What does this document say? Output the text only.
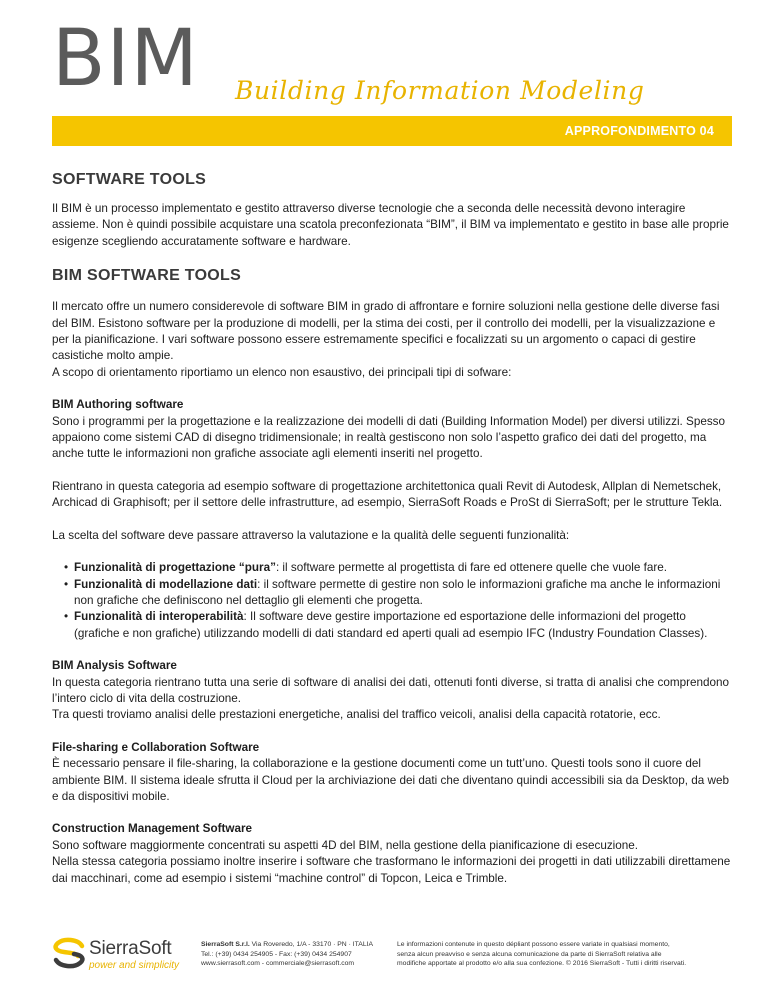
BIM Building Information Modeling
APPROFONDIMENTO 04
SOFTWARE TOOLS

Il BIM è un processo implementato e gestito attraverso diverse tecnologie che a seconda delle necessità devono interagire assieme. Non è quindi possibile acquistare una scatola preconfezionata “BIM”, il BIM va implementato e gestito in base alle proprie esigenze scegliendo accuratamente software e hardware.

BIM SOFTWARE TOOLS

Il mercato offre un numero considerevole di software BIM in grado di affrontare e fornire soluzioni nella gestione delle diverse fasi del BIM. Esistono software per la produzione di modelli, per la stima dei costi, per il controllo dei modelli, per la visualizzazione e per la pianificazione. I vari software possono essere estremamente specifici e focalizzati su un argomento o capaci di gestire casistiche molto ampie.
A scopo di orientamento riportiamo un elenco non esaustivo, dei principali tipi di sofware:

BIM Authoring software
Sono i programmi per la progettazione e la realizzazione dei modelli di dati (Building Information Model) per diversi utilizzi. Spesso appaiono come sistemi CAD di disegno tridimensionale; in realtà gestiscono non solo l’aspetto grafico dei dati del progetto, ma anche tutte le informazioni non grafiche associate agli elementi inseriti nel progetto.

Rientrano in questa categoria ad esempio software di progettazione architettonica quali Revit di Autodesk, Allplan di Nemetschek, Archicad di Graphisoft; per il settore delle infrastrutture, ad esempio, SierraSoft Roads e ProSt di SierraSoft; per le strutture Tekla.

La scelta del software deve passare attraverso la valutazione e la qualità delle seguenti funzionalità:

• Funzionalità di progettazione “pura”: il software permette al progettista di fare ed ottenere quelle che vuole fare.
• Funzionalità di modellazione dati: il software permette di gestire non solo le informazioni grafiche ma anche le informazioni non grafiche che definiscono nel dettaglio gli elementi che progetta.
• Funzionalità di interoperabilità: Il software deve gestire importazione ed esportazione delle informazioni del progetto (grafiche e non grafiche) utilizzando modelli di dati standard ed aperti quali ad esempio IFC (Industry Foundation Classes).

BIM Analysis Software
In questa categoria rientrano tutta una serie di software di analisi dei dati, ottenuti fonti diverse, si tratta di analisi che comprendono l’intero ciclo di vita della costruzione.
Tra questi troviamo analisi delle prestazioni energetiche, analisi del traffico veicoli, analisi della capacità rotatorie, ecc.

File-sharing e Collaboration Software
È necessario pensare il file-sharing, la collaborazione e la gestione documenti come un tutt’uno. Questi tools sono il cuore del ambiente BIM. Il sistema ideale sfrutta il Cloud per la archiviazione dei dati che diventano quindi accessibili sia da Desktop, da web e da dispositivi mobile.

Construction Management Software
Sono software maggiormente concentrati su aspetti 4D del BIM, nella gestione della pianificazione di esecuzione.
Nella stessa categoria possiamo inoltre inserire i software che trasformano le informazioni dei progetti in dati utilizzabili direttamene dai macchinari, come ad esempio i sistemi “machine control” di Topcon, Leica e Trimble.

SierraSoft
power and simplicity
SierraSoft S.r.l. Via Roveredo, 1/A - 33170 · PN · ITALIA
Tel.: (+39) 0434 254905 - Fax: (+39) 0434 254907
www.sierrasoft.com - commerciale@sierrasoft.com
Le informazioni contenute in questo dépliant possono essere variate in qualsiasi momento,
senza alcun preavviso e senza alcuna comunicazione da parte di SierraSoft relativa alle
modifiche apportate al prodotto e/o alla sua confezione. © 2016 SierraSoft - Tutti i diritti riservati.
